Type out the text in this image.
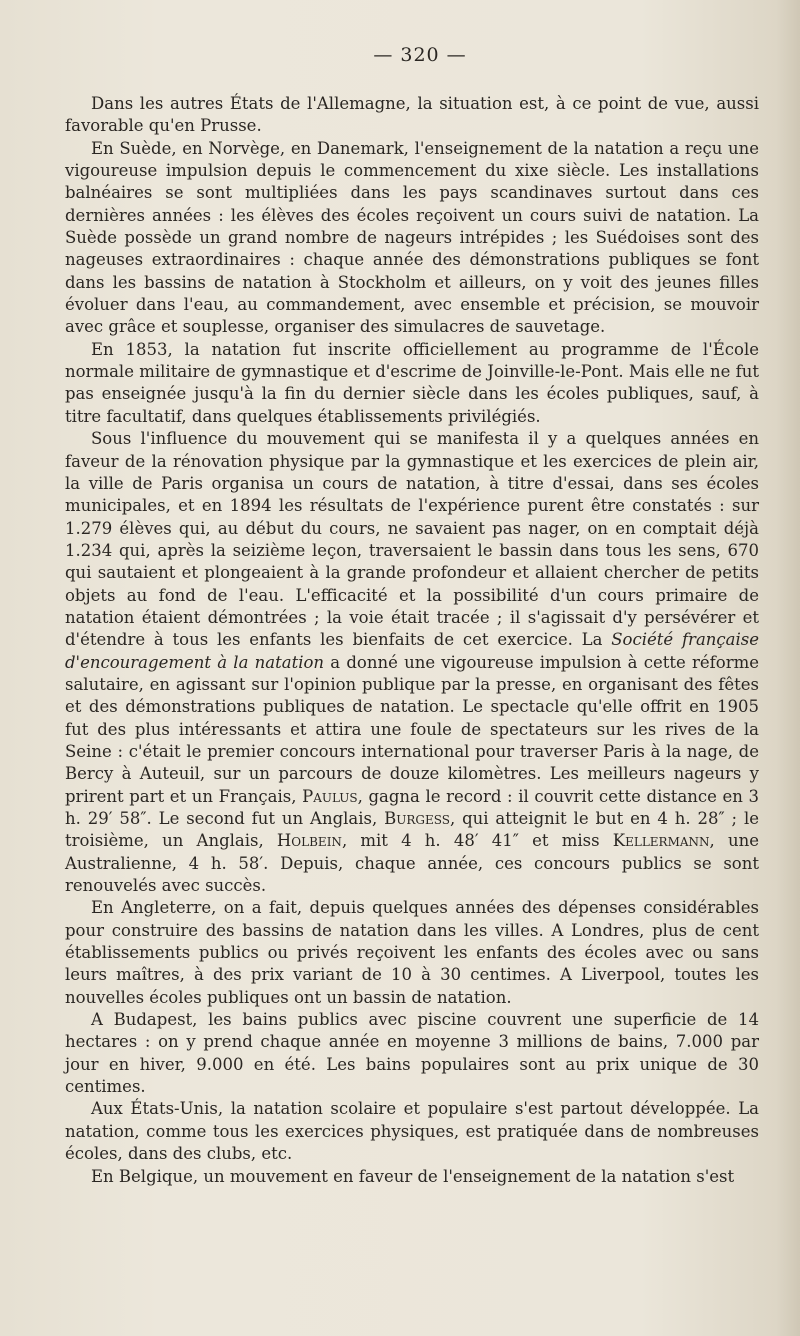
— 320 —

Dans les autres États de l'Allemagne, la situation est, à ce point de vue, aussi favorable qu'en Prusse.

En Suède, en Norvège, en Danemark, l'enseignement de la natation a reçu une vigoureuse impulsion depuis le commencement du xixe siècle. Les installations balnéaires se sont multipliées dans les pays scandinaves surtout dans ces dernières années : les élèves des écoles reçoivent un cours suivi de natation. La Suède possède un grand nombre de nageurs intrépides ; les Suédoises sont des nageuses extraordinaires : chaque année des démonstrations publiques se font dans les bassins de natation à Stockholm et ailleurs, on y voit des jeunes filles évoluer dans l'eau, au commandement, avec ensemble et précision, se mouvoir avec grâce et souplesse, organiser des simulacres de sauvetage.

En 1853, la natation fut inscrite officiellement au programme de l'École normale militaire de gymnastique et d'escrime de Joinville-le-Pont. Mais elle ne fut pas enseignée jusqu'à la fin du dernier siècle dans les écoles publiques, sauf, à titre facultatif, dans quelques établissements privilégiés.

Sous l'influence du mouvement qui se manifesta il y a quelques années en faveur de la rénovation physique par la gymnastique et les exercices de plein air, la ville de Paris organisa un cours de natation, à titre d'essai, dans ses écoles municipales, et en 1894 les résultats de l'expérience purent être constatés : sur 1.279 élèves qui, au début du cours, ne savaient pas nager, on en comptait déjà 1.234 qui, après la seizième leçon, traversaient le bassin dans tous les sens, 670 qui sautaient et plongeaient à la grande profondeur et allaient chercher de petits objets au fond de l'eau. L'efficacité et la possibilité d'un cours primaire de natation étaient démontrées ; la voie était tracée ; il s'agissait d'y persévérer et d'étendre à tous les enfants les bienfaits de cet exercice. La Société française d'encouragement à la natation a donné une vigoureuse impulsion à cette réforme salutaire, en agissant sur l'opinion publique par la presse, en organisant des fêtes et des démonstrations publiques de natation. Le spectacle qu'elle offrit en 1905 fut des plus intéressants et attira une foule de spectateurs sur les rives de la Seine : c'était le premier concours international pour traverser Paris à la nage, de Bercy à Auteuil, sur un parcours de douze kilomètres. Les meilleurs nageurs y prirent part et un Français, Paulus, gagna le record : il couvrit cette distance en 3 h. 29′ 58″. Le second fut un Anglais, Burgess, qui atteignit le but en 4 h. 28″ ; le troisième, un Anglais, Holbein, mit 4 h. 48′ 41″ et miss Kellermann, une Australienne, 4 h. 58′. Depuis, chaque année, ces concours publics se sont renouvelés avec succès.

En Angleterre, on a fait, depuis quelques années des dépenses considérables pour construire des bassins de natation dans les villes. A Londres, plus de cent établissements publics ou privés reçoivent les enfants des écoles avec ou sans leurs maîtres, à des prix variant de 10 à 30 centimes. A Liverpool, toutes les nouvelles écoles publiques ont un bassin de natation.

A Budapest, les bains publics avec piscine couvrent une superficie de 14 hectares : on y prend chaque année en moyenne 3 millions de bains, 7.000 par jour en hiver, 9.000 en été. Les bains populaires sont au prix unique de 30 centimes.

Aux États-Unis, la natation scolaire et populaire s'est partout développée. La natation, comme tous les exercices physiques, est pratiquée dans de nombreuses écoles, dans des clubs, etc.

En Belgique, un mouvement en faveur de l'enseignement de la natation s'est
